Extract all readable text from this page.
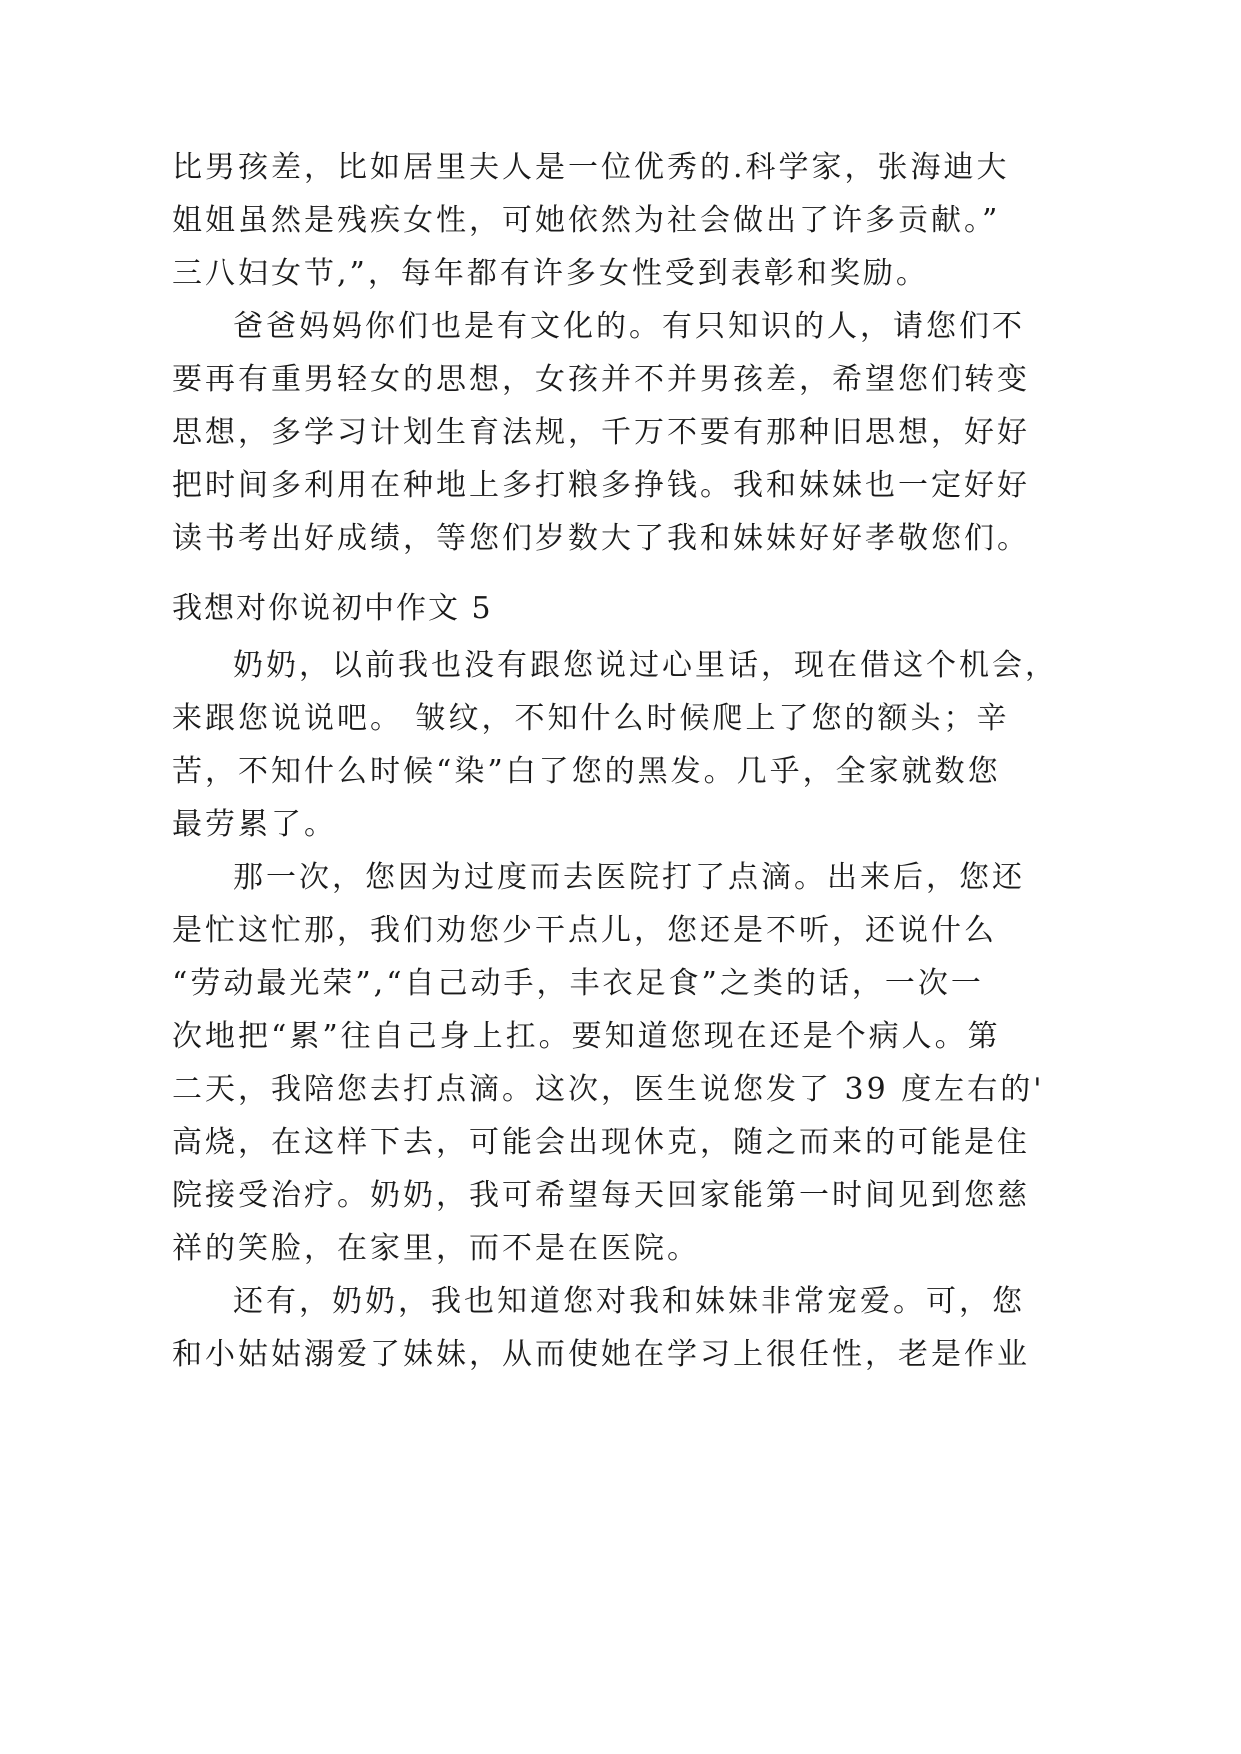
比男孩差，比如居里夫人是一位优秀的.科学家，张海迪大
姐姐虽然是残疾女性，可她依然为社会做出了许多贡献。”
三八妇女节,”，每年都有许多女性受到表彰和奖励。
爸爸妈妈你们也是有文化的。有只知识的人，请您们不
要再有重男轻女的思想，女孩并不并男孩差，希望您们转变
思想，多学习计划生育法规，千万不要有那种旧思想，好好
把时间多利用在种地上多打粮多挣钱。我和妹妹也一定好好
读书考出好成绩，等您们岁数大了我和妹妹好好孝敬您们。
我想对你说初中作文 5
奶奶，以前我也没有跟您说过心里话，现在借这个机会，
来跟您说说吧。 皱纹，不知什么时候爬上了您的额头；辛
苦，不知什么时候“染”白了您的黑发。几乎，全家就数您
最劳累了。
那一次，您因为过度而去医院打了点滴。出来后，您还
是忙这忙那，我们劝您少干点儿，您还是不听，还说什么
“劳动最光荣”,“自己动手，丰衣足食”之类的话，一次一
次地把“累”往自己身上扛。要知道您现在还是个病人。第
二天，我陪您去打点滴。这次，医生说您发了 39 度左右的'
高烧，在这样下去，可能会出现休克，随之而来的可能是住
院接受治疗。奶奶，我可希望每天回家能第一时间见到您慈
祥的笑脸，在家里，而不是在医院。
还有，奶奶，我也知道您对我和妹妹非常宠爱。可，您
和小姑姑溺爱了妹妹，从而使她在学习上很任性，老是作业
